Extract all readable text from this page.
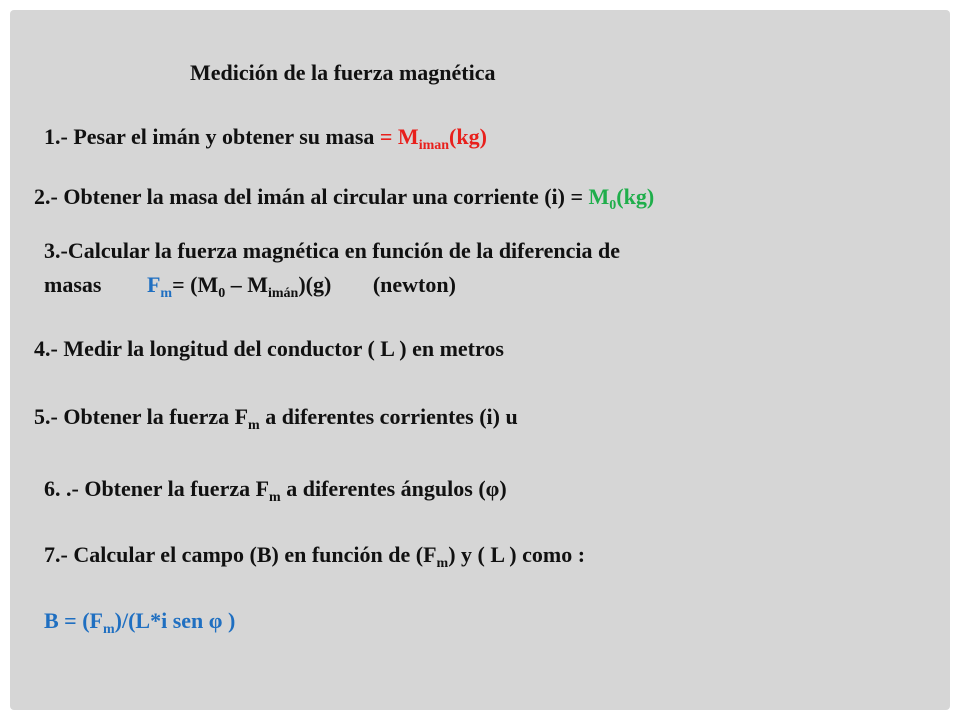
Medición de la fuerza magnética
1.- Pesar el imán y obtener su masa = $M_{iman}(kg)$
2.- Obtener la masa del imán al circular una corriente $(i) = M_0(kg)$
3.-Calcular la fuerza magnética en función de la diferencia de
masas $F_m= (M_0 - M_{imán})(g)$ (newton)
4.- Medir la longitud del conductor ( L ) en metros
5.- Obtener la fuerza $F_m$ a diferentes corrientes (i) u
6. .- Obtener la fuerza $F_m$ a diferentes ángulos (φ)
7.- Calcular el campo (B) en función de $(F_m)$ y ( L ) como :
$B = (F_m)/(L*i$ sen φ )
